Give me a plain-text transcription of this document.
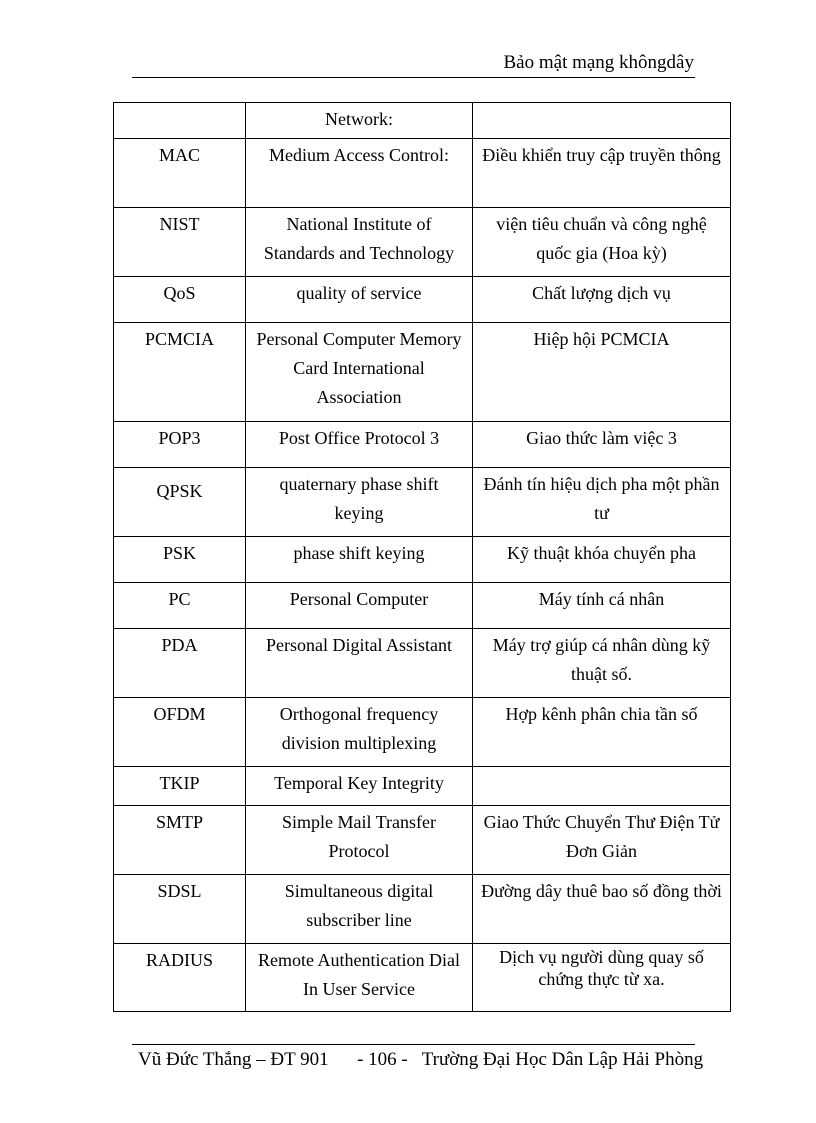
Bảo mật mạng khôngdây
	Network:	
MAC	Medium Access Control:	Điều khiển truy cập truyền thông
NIST	National Institute of Standards and Technology	viện tiêu chuẩn và công nghệ quốc gia (Hoa kỳ)
QoS	quality of service	Chất lượng dịch vụ
PCMCIA	Personal Computer Memory Card International Association	Hiệp hội PCMCIA
POP3	Post Office Protocol 3	Giao thức làm việc 3
QPSK	quaternary phase shift keying	Đánh tín hiệu dịch pha một phần tư
PSK	phase shift keying	Kỹ thuật khóa chuyển pha
PC	Personal Computer	Máy tính cá nhân
PDA	Personal Digital Assistant	Máy trợ giúp cá nhân dùng kỹ thuật số.
OFDM	Orthogonal frequency division multiplexing	Hợp kênh phân chia tần số
TKIP	Temporal Key Integrity	
SMTP	Simple Mail Transfer Protocol	Giao Thức Chuyển Thư Điện Tử Đơn Giản
SDSL	Simultaneous digital subscriber line	Đường dây thuê bao số đồng thời
RADIUS	Remote Authentication Dial In User Service	Dịch vụ người dùng quay số chứng thực từ xa.
Vũ Đức Thắng – ĐT 901 - 106 - Trường Đại Học Dân Lập Hải Phòng
